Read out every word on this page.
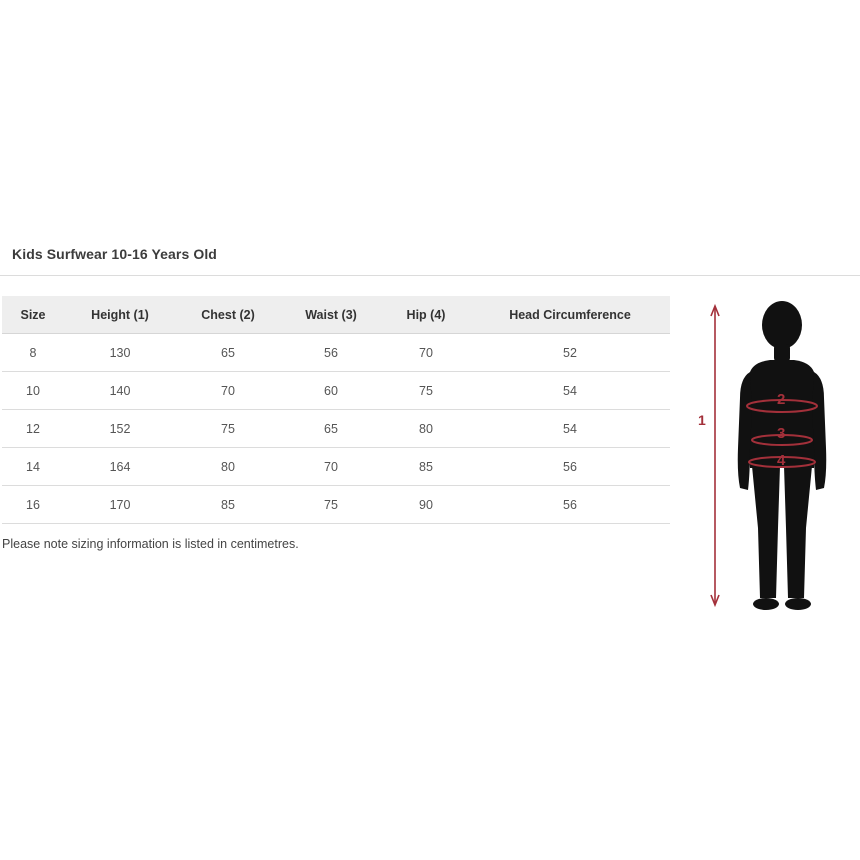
Kids Surfwear 10-16 Years Old
Size	Height (1)	Chest (2)	Waist (3)	Hip (4)	Head Circumference
8	130	65	56	70	52
10	140	70	60	75	54
12	152	75	65	80	54
14	164	80	70	85	56
16	170	85	75	90	56
Please note sizing information is listed in centimetres.
1
2
3
4
